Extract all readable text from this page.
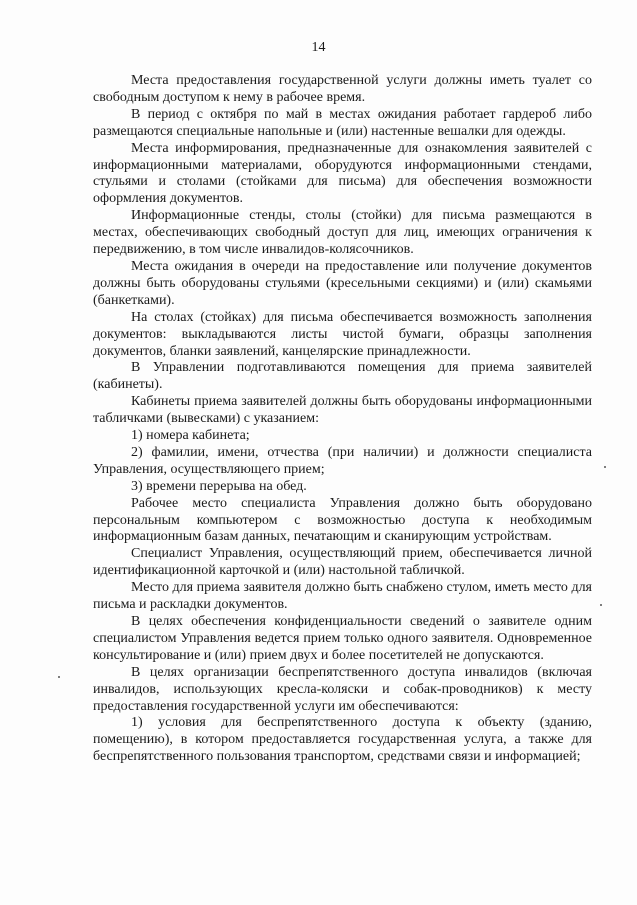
14

Места предоставления государственной услуги должны иметь туалет со свободным доступом к нему в рабочее время.

В период с октября по май в местах ожидания работает гардероб либо размещаются специальные напольные и (или) настенные вешалки для одежды.

Места информирования, предназначенные для ознакомления заявителей с информационными материалами, оборудуются информационными стендами, стульями и столами (стойками для письма) для обеспечения возможности оформления документов.

Информационные стенды, столы (стойки) для письма размещаются в местах, обеспечивающих свободный доступ для лиц, имеющих ограничения к передвижению, в том числе инвалидов-колясочников.

Места ожидания в очереди на предоставление или получение документов должны быть оборудованы стульями (кресельными секциями) и (или) скамьями (банкетками).

На столах (стойках) для письма обеспечивается возможность заполнения документов: выкладываются листы чистой бумаги, образцы заполнения документов, бланки заявлений, канцелярские принадлежности.

В Управлении подготавливаются помещения для приема заявителей (кабинеты).

Кабинеты приема заявителей должны быть оборудованы информационными табличками (вывесками) с указанием:

1) номера кабинета;

2) фамилии, имени, отчества (при наличии) и должности специалиста Управления, осуществляющего прием;

3) времени перерыва на обед.

Рабочее место специалиста Управления должно быть оборудовано персональным компьютером с возможностью доступа к необходимым информационным базам данных, печатающим и сканирующим устройствам.

Специалист Управления, осуществляющий прием, обеспечивается личной идентификационной карточкой и (или) настольной табличкой.

Место для приема заявителя должно быть снабжено стулом, иметь место для письма и раскладки документов.

В целях обеспечения конфиденциальности сведений о заявителе одним специалистом Управления ведется прием только одного заявителя. Одновременное консультирование и (или) прием двух и более посетителей не допускаются.

В целях организации беспрепятственного доступа инвалидов (включая инвалидов, использующих кресла-коляски и собак-проводников) к месту предоставления государственной услуги им обеспечиваются:

1) условия для беспрепятственного доступа к объекту (зданию, помещению), в котором предоставляется государственная услуга, а также для беспрепятственного пользования транспортом, средствами связи и информацией;
